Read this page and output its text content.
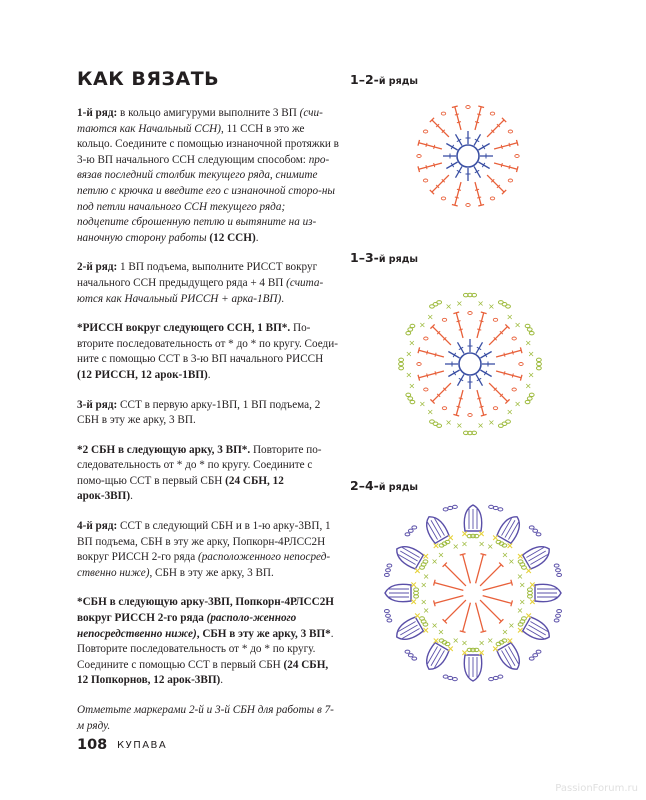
КАК ВЯЗАТЬ

1-й ряд: в кольцо амигуруми выполните 3 ВП (счи-таются как Начальный ССН), 11 ССН в это же кольцо. Соедините с помощью изнаночной протяжки в 3-ю ВП начального ССН следующим способом: про-вязав последний столбик текущего ряда, снимите петлю с крючка и введите его с изнаночной сторо-ны под петли начального ССН текущего ряда; подцепите сброшенную петлю и вытяните на из-наночную сторону работы (12 ССН).

2-й ряд: 1 ВП подъема, выполните РИССТ вокруг начального ССН предыдущего ряда + 4 ВП (счита-ются как Начальный РИССН + арка-1ВП).

*РИССН вокруг следующего ССН, 1 ВП*. По-вторите последовательность от * до * по кругу. Соеди-ните с помощью ССТ в 3-ю ВП начального РИССН (12 РИССН, 12 арок-1ВП).

3-й ряд: ССТ в первую арку-1ВП, 1 ВП подъема, 2 СБН в эту же арку, 3 ВП.

*2 СБН в следующую арку, 3 ВП*. Повторите по-следовательность от * до * по кругу. Соедините с помо-щью ССТ в первый СБН (24 СБН, 12 арок-3ВП).

4-й ряд: ССТ в следующий СБН и в 1-ю арку-3ВП, 1 ВП подъема, СБН в эту же арку, Попкорн-4РЛСС2Н вокруг РИССН 2-го ряда (расположенного непосред-ственно ниже), СБН в эту же арку, 3 ВП.

*СБН в следующую арку-3ВП, Попкорн-4РЛСС2Н вокруг РИССН 2-го ряда (располо-женного непосредственно ниже), СБН в эту же арку, 3 ВП*. Повторите последовательность от * до * по кругу. Соедините с помощью ССТ в первый СБН (24 СБН, 12 Попкорнов, 12 арок-3ВП).

Отметьте маркерами 2-й и 3-й СБН для работы в 7-м ряду.

1–2-й ряды
1–3-й ряды
× ×
×
×
×
×
×
×
×
×
×
×
×
×
×
×
×
×
×
×
×
×
× ×
2–4-й ряды
× ×
×
×
×
×
×
×
×
×
×
×
×
×
×
×
×
×
×
×
×
×
× ×
× × ×
×
×
×
×
×
×
×
×
×
×
×
×
×
×
×
×
×
×
×
×
×
108 КУПАВА
PassionForum.ru
